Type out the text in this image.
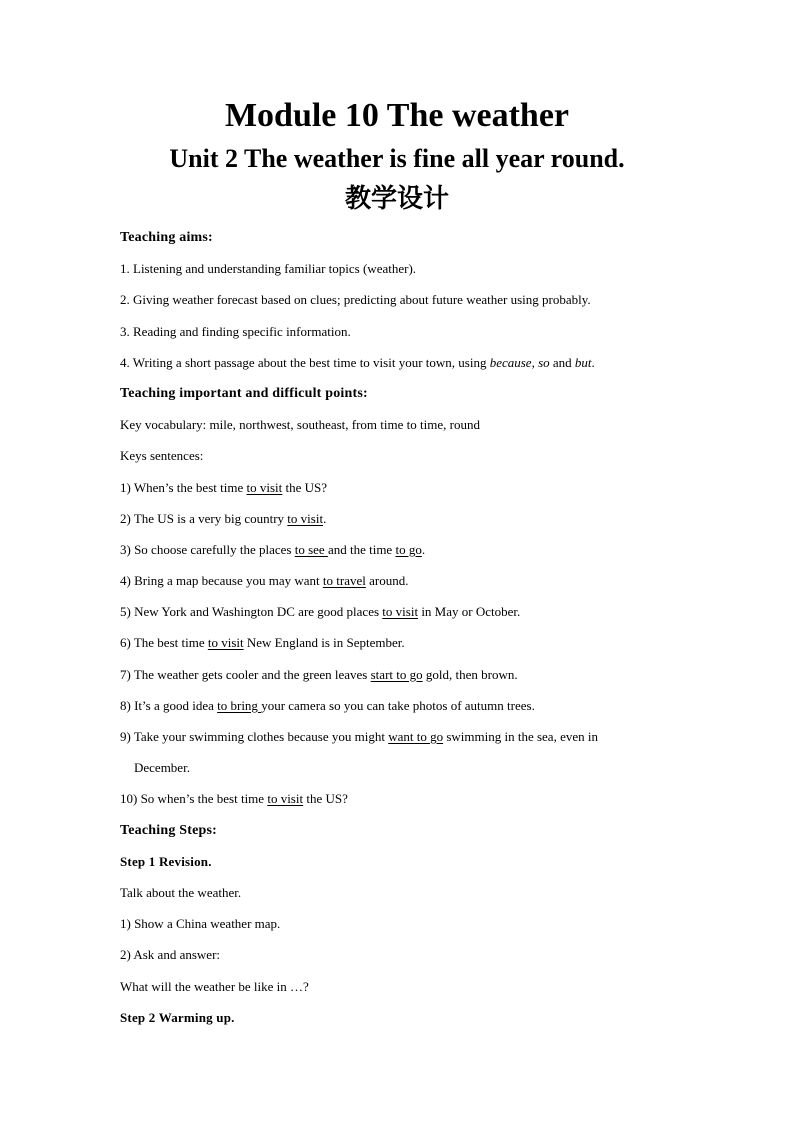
Module 10 The weather
Unit 2 The weather is fine all year round.
教学设计
Teaching aims:
1. Listening and understanding familiar topics (weather).
2. Giving weather forecast based on clues; predicting about future weather using probably.
3. Reading and finding specific information.
4. Writing a short passage about the best time to visit your town, using because, so and but.
Teaching important and difficult points:
Key vocabulary: mile, northwest, southeast, from time to time, round
Keys sentences:
1) When’s the best time to visit the US?
2) The US is a very big country to visit.
3) So choose carefully the places to see and the time to go.
4) Bring a map because you may want to travel around.
5) New York and Washington DC are good places to visit in May or October.
6) The best time to visit New England is in September.
7) The weather gets cooler and the green leaves start to go gold, then brown.
8) It’s a good idea to bring your camera so you can take photos of autumn trees.
9) Take your swimming clothes because you might want to go swimming in the sea, even in
December.
10) So when’s the best time to visit the US?
Teaching Steps:
Step 1 Revision.
Talk about the weather.
1) Show a China weather map.
2) Ask and answer:
What will the weather be like in …?
Step 2 Warming up.
